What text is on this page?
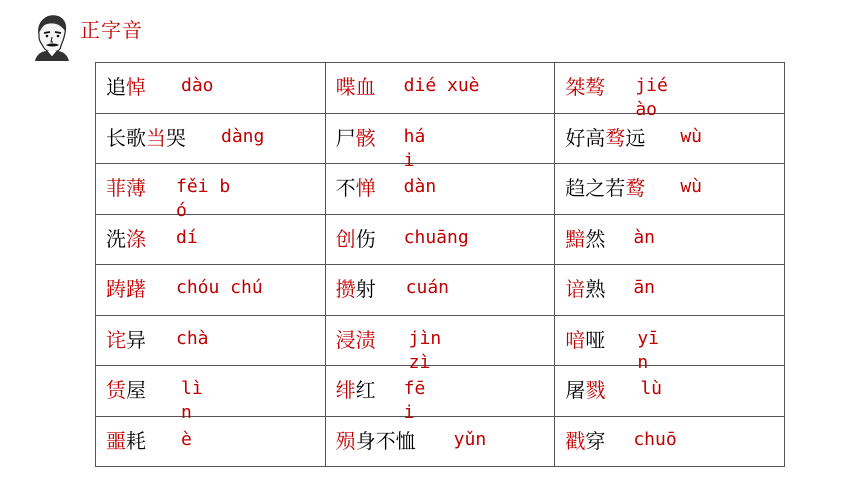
正字音
追悼 dào	喋血 dié xuè	桀骜 jié ào

长歌当哭 dàng	尸骸 hái	好高骛远 wù

菲薄 fěi bó	不惮 dàn	趋之若鹜 wù

洗涤 dí	创伤 chuāng	黯然 àn

踌躇 chóu chú	攒射 cuán	谙熟 ān

诧异 chà	浸渍 jìn zì	喑哑 yīn

赁屋 lìn	绯红 fēi	屠戮 lù

噩耗 è	殒身不恤 yǔn	戳穿 chuō
